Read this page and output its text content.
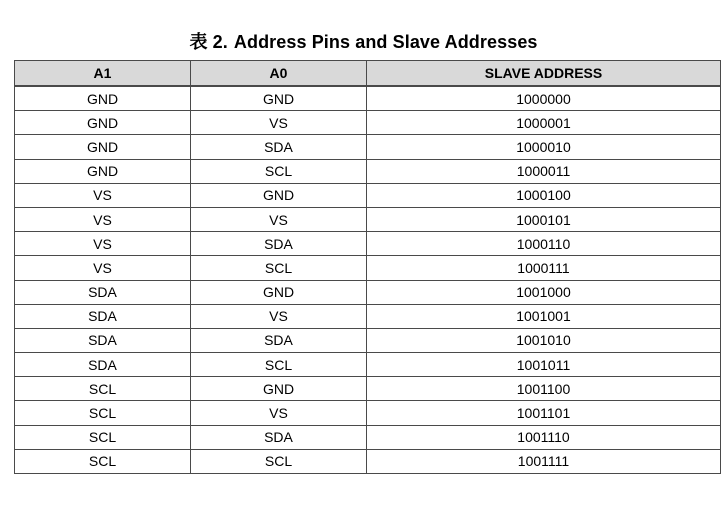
表 2. Address Pins and Slave Addresses
A1	A0	SLAVE ADDRESS
GND	GND	1000000
GND	VS	1000001
GND	SDA	1000010
GND	SCL	1000011
VS	GND	1000100
VS	VS	1000101
VS	SDA	1000110
VS	SCL	1000111
SDA	GND	1001000
SDA	VS	1001001
SDA	SDA	1001010
SDA	SCL	1001011
SCL	GND	1001100
SCL	VS	1001101
SCL	SDA	1001110
SCL	SCL	1001111
